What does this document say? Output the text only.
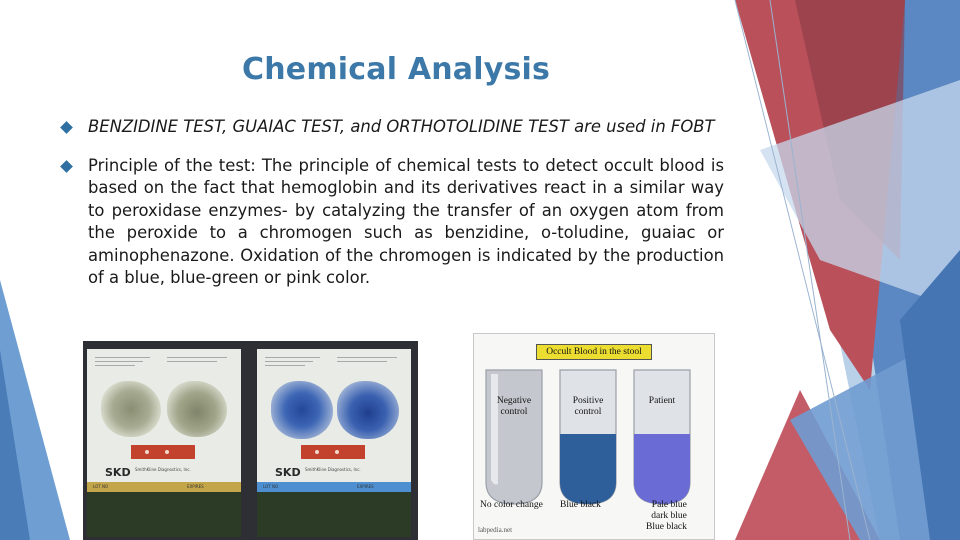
Chemical Analysis
BENZIDINE TEST, GUAIAC TEST, and ORTHOTOLIDINE TEST are used in FOBT
Principle of the test: The principle of chemical tests to detect occult blood is based on the fact that hemoglobin and its derivatives react in a similar way to peroxidase enzymes- by catalyzing the transfer of an oxygen atom from the peroxide to a chromogen such as benzidine, o-toludine, guaiac or aminophenazone. Oxidation of the chromogen is indicated by the production of a blue, blue-green or pink color.
SKD SmithKline Diagnostics, Inc.
LOT NO	EXPIRES
SKD SmithKline Diagnostics, Inc.
LOT NO	EXPIRES
Occult Blood in the stool
Negative
control
Positive
control
Patient
No color change Blue black	Pale blue
dark blue
Blue black
labpedia.net
